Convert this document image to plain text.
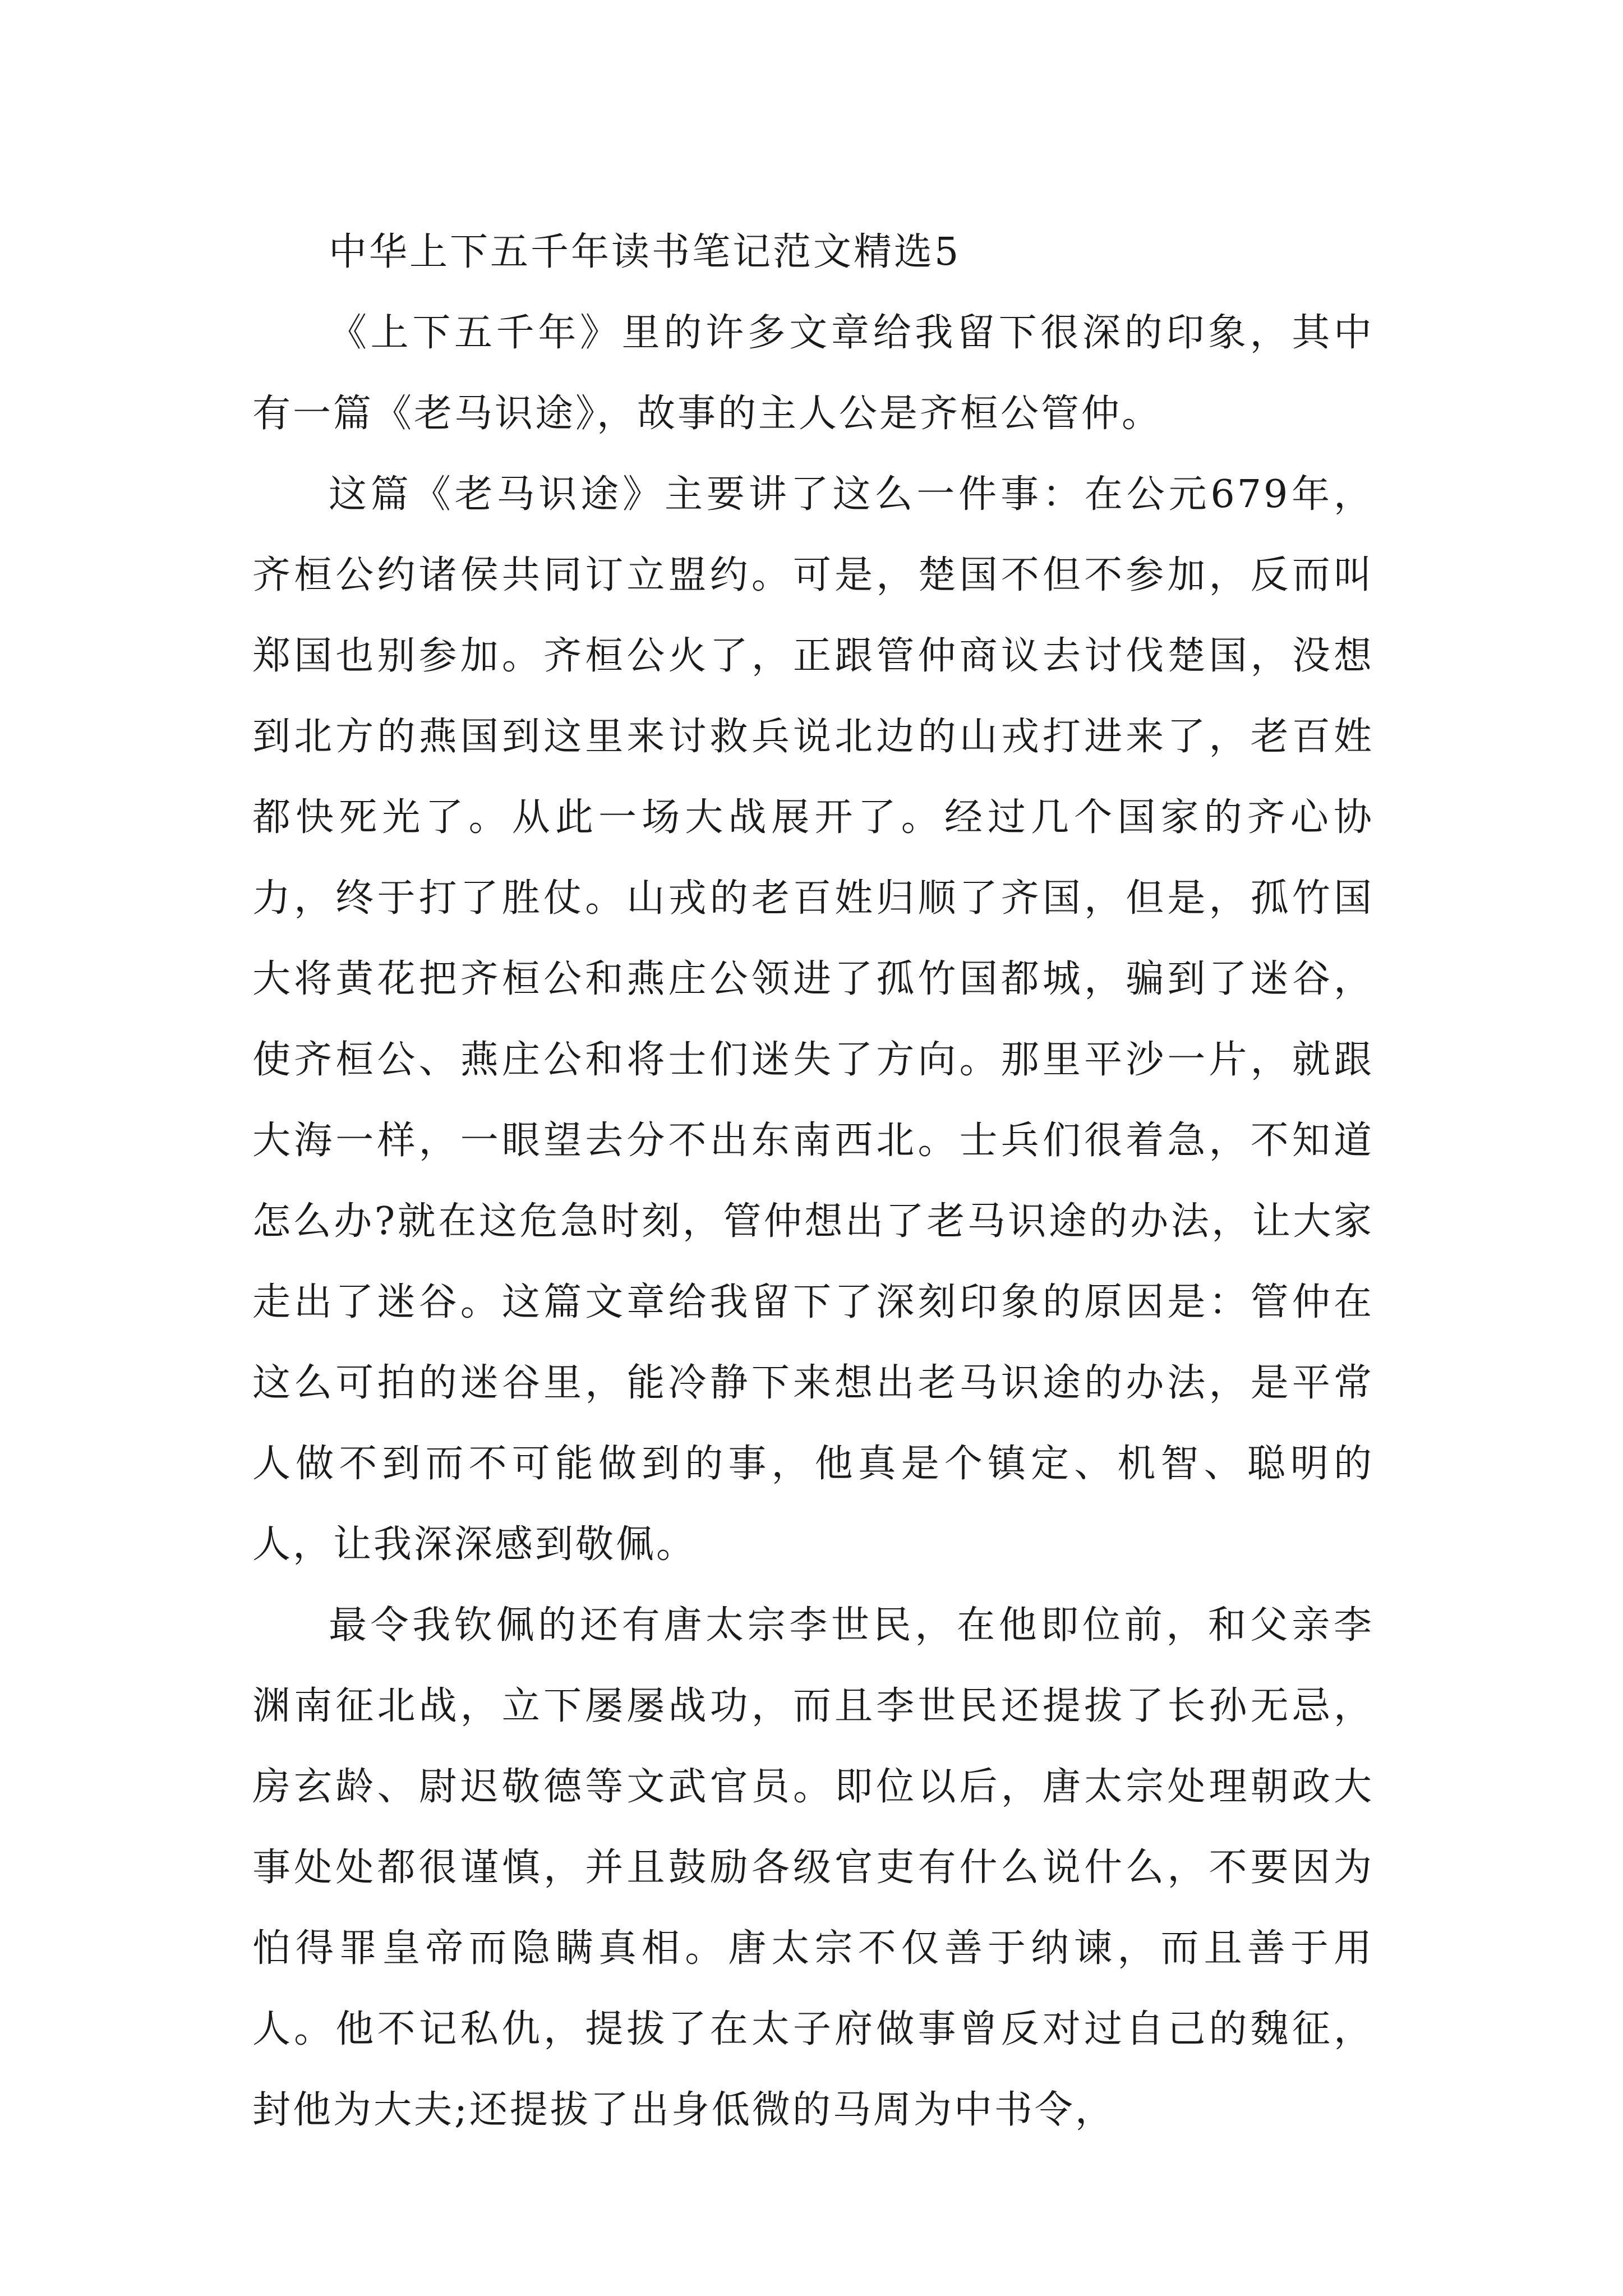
中华上下五千年读书笔记范文精选5

《上下五千年》里的许多文章给我留下很深的印象，其中有一篇《老马识途》，故事的主人公是齐桓公管仲。

这篇《老马识途》主要讲了这么一件事：在公元679年，齐桓公约诸侯共同订立盟约。可是，楚国不但不参加，反而叫郑国也别参加。齐桓公火了，正跟管仲商议去讨伐楚国，没想到北方的燕国到这里来讨救兵说北边的山戎打进来了，老百姓都快死光了。从此一场大战展开了。经过几个国家的齐心协力，终于打了胜仗。山戎的老百姓归顺了齐国，但是，孤竹国大将黄花把齐桓公和燕庄公领进了孤竹国都城，骗到了迷谷，使齐桓公、燕庄公和将士们迷失了方向。那里平沙一片，就跟大海一样，一眼望去分不出东南西北。士兵们很着急，不知道怎么办?就在这危急时刻，管仲想出了老马识途的办法，让大家走出了迷谷。这篇文章给我留下了深刻印象的原因是：管仲在这么可拍的迷谷里，能冷静下来想出老马识途的办法，是平常人做不到而不可能做到的事，他真是个镇定、机智、聪明的人，让我深深感到敬佩。

最令我钦佩的还有唐太宗李世民，在他即位前，和父亲李渊南征北战，立下屡屡战功，而且李世民还提拔了长孙无忌，房玄龄、尉迟敬德等文武官员。即位以后，唐太宗处理朝政大事处处都很谨慎，并且鼓励各级官吏有什么说什么，不要因为怕得罪皇帝而隐瞒真相。唐太宗不仅善于纳谏，而且善于用人。他不记私仇，提拔了在太子府做事曾反对过自己的魏征，封他为大夫;还提拔了出身低微的马周为中书令，
